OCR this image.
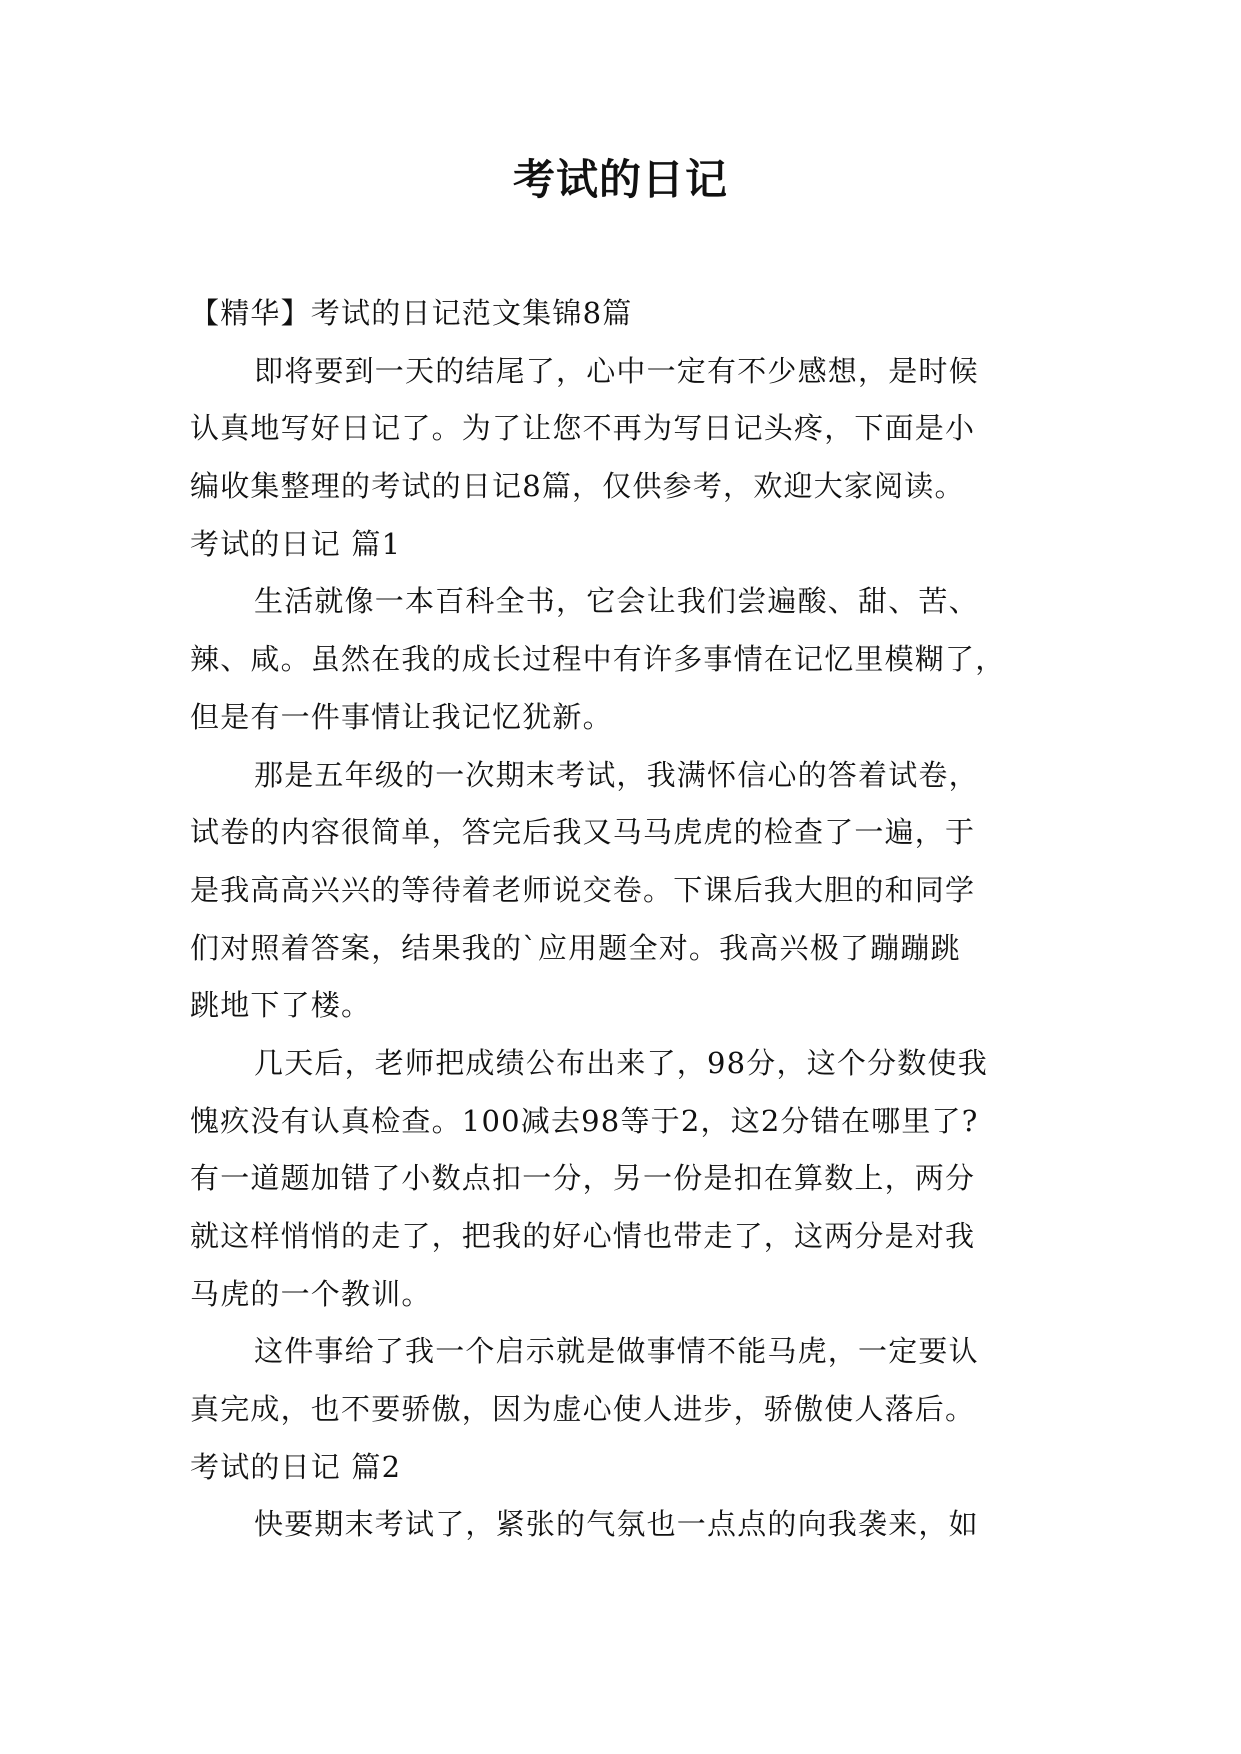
考试的日记
【精华】考试的日记范文集锦8篇
即将要到一天的结尾了，心中一定有不少感想，是时候
认真地写好日记了。为了让您不再为写日记头疼，下面是小
编收集整理的考试的日记8篇，仅供参考，欢迎大家阅读。
考试的日记 篇1
生活就像一本百科全书，它会让我们尝遍酸、甜、苦、
辣、咸。虽然在我的成长过程中有许多事情在记忆里模糊了，
但是有一件事情让我记忆犹新。
那是五年级的一次期末考试，我满怀信心的答着试卷，
试卷的内容很简单，答完后我又马马虎虎的检查了一遍，于
是我高高兴兴的等待着老师说交卷。下课后我大胆的和同学
们对照着答案，结果我的`应用题全对。我高兴极了蹦蹦跳
跳地下了楼。
几天后，老师把成绩公布出来了，98分，这个分数使我
愧疚没有认真检查。100减去98等于2，这2分错在哪里了?
有一道题加错了小数点扣一分，另一份是扣在算数上，两分
就这样悄悄的走了，把我的好心情也带走了，这两分是对我
马虎的一个教训。
这件事给了我一个启示就是做事情不能马虎，一定要认
真完成，也不要骄傲，因为虚心使人进步，骄傲使人落后。
考试的日记 篇2
快要期末考试了，紧张的气氛也一点点的向我袭来，如
